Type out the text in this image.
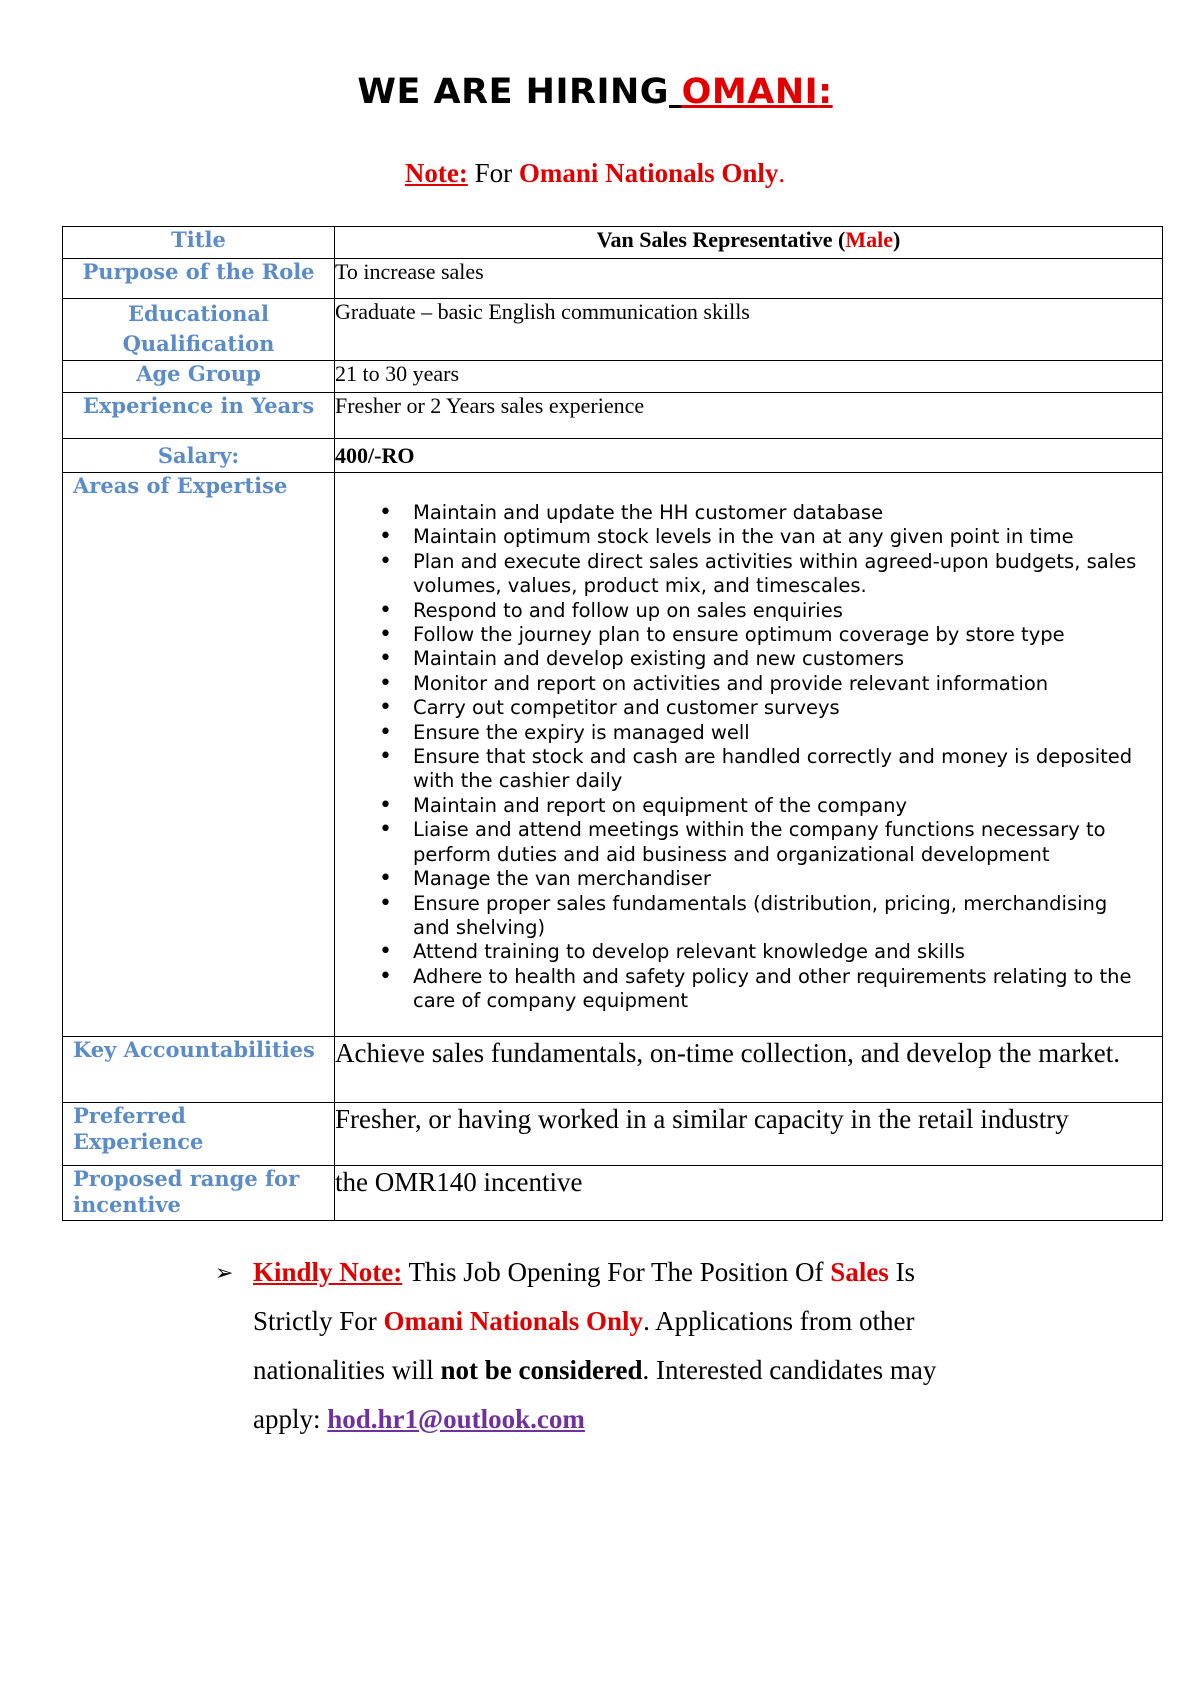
WE ARE HIRING OMANI:
Note: For Omani Nationals Only.
Title	Van Sales Representative (Male)
Purpose of the Role	To increase sales
Educational
Qualification	Graduate – basic English communication skills
Age Group	21 to 30 years
Experience in Years	Fresher or 2 Years sales experience
Salary:	400/-RO
Areas of Expertise	
• Maintain and update the HH customer database
• Maintain optimum stock levels in the van at any given point in time
• Plan and execute direct sales activities within agreed-upon budgets, sales volumes, values, product mix, and timescales.
• Respond to and follow up on sales enquiries
• Follow the journey plan to ensure optimum coverage by store type
• Maintain and develop existing and new customers
• Monitor and report on activities and provide relevant information
• Carry out competitor and customer surveys
• Ensure the expiry is managed well
• Ensure that stock and cash are handled correctly and money is deposited with the cashier daily
• Maintain and report on equipment of the company
• Liaise and attend meetings within the company functions necessary to perform duties and aid business and organizational development
• Manage the van merchandiser
• Ensure proper sales fundamentals (distribution, pricing, merchandising and shelving)
• Attend training to develop relevant knowledge and skills
• Adhere to health and safety policy and other requirements relating to the care of company equipment

Key Accountabilities	Achieve sales fundamentals, on-time collection, and develop the market.
Preferred
Experience	Fresher, or having worked in a similar capacity in the retail industry
Proposed range for
incentive	the OMR140 incentive
➢ Kindly Note: This Job Opening For The Position Of Sales Is Strictly For Omani Nationals Only. Applications from other nationalities will not be considered. Interested candidates may apply: hod.hr1@outlook.com
